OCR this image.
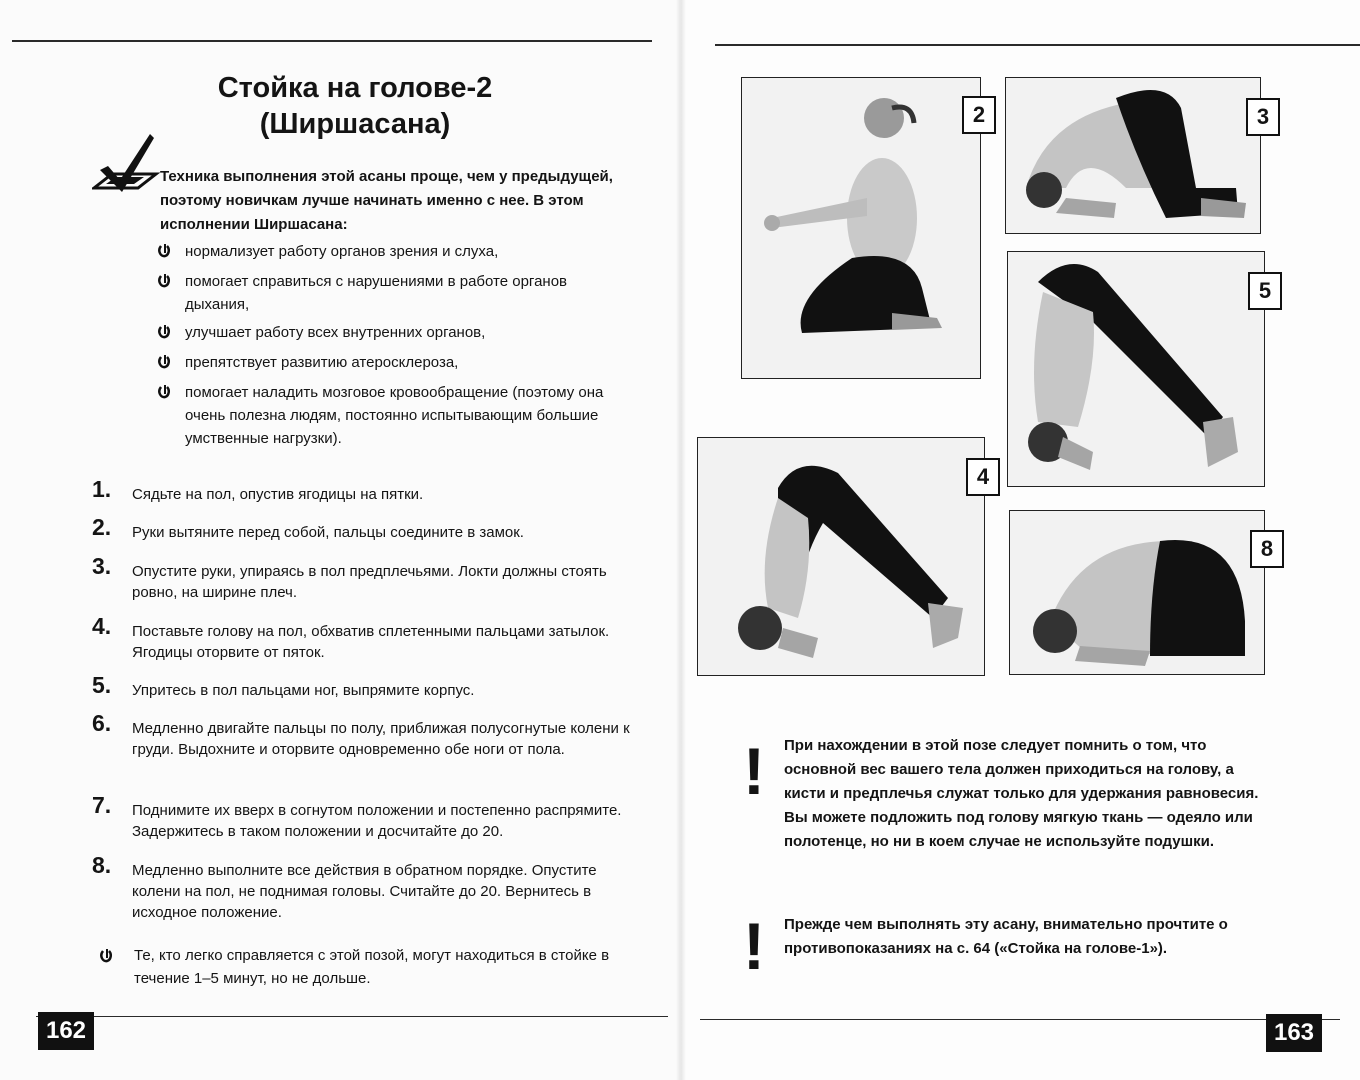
Стойка на голове-2
(Ширшасана)
Техника выполнения этой асаны проще, чем у предыдущей, поэтому новичкам лучше начинать именно с нее. В этом исполнении Ширшасана:
нормализует работу органов зрения и слуха,
помогает справиться с нарушениями в работе органов дыхания,
улучшает работу всех внутренних органов,
препятствует развитию атеросклероза,
помогает наладить мозговое кровообращение (поэтому она очень полезна людям, постоянно испытывающим большие умственные нагрузки).
1. Сядьте на пол, опустив ягодицы на пятки.
2. Руки вытяните перед собой, пальцы соедините в замок.
3. Опустите руки, упираясь в пол предплечьями. Локти должны стоять ровно, на ширине плеч.
4. Поставьте голову на пол, обхватив сплетенными пальцами затылок. Ягодицы оторвите от пяток.
5. Упритесь в пол пальцами ног, выпрямите корпус.
6. Медленно двигайте пальцы по полу, приближая полусогнутые колени к груди. Выдохните и оторвите одновременно обе ноги от пола.
7. Поднимите их вверх в согнутом положении и постепенно распрямите. Задержитесь в таком положении и досчитайте до 20.
8. Медленно выполните все действия в обратном порядке. Опустите колени на пол, не поднимая головы. Считайте до 20. Вернитесь в исходное положение.
Те, кто легко справляется с этой позой, могут находиться в стойке в течение 1–5 минут, но не дольше.
162
2	3
5
4
8
! При нахождении в этой позе следует помнить о том, что основной вес вашего тела должен приходиться на голову, а кисти и предплечья служат только для удержания равновесия. Вы можете подложить под голову мягкую ткань — одеяло или полотенце, но ни в коем случае не используйте подушки.
! Прежде чем выполнять эту асану, внимательно прочтите о противопоказаниях на с. 64 («Стойка на голове-1»).
163
